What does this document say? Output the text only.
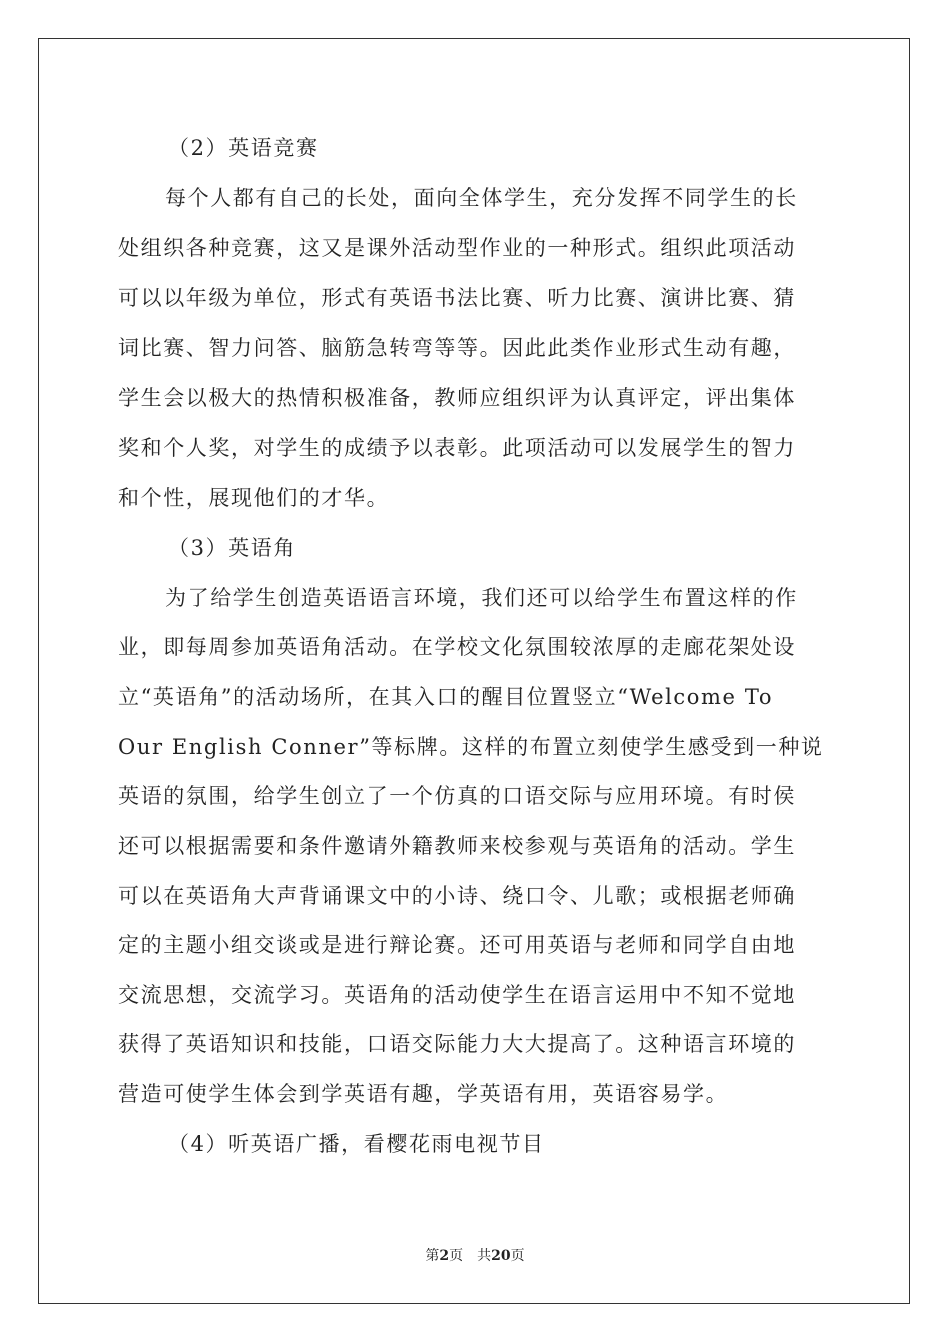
（2）英语竞赛
每个人都有自己的长处，面向全体学生，充分发挥不同学生的长
处组织各种竞赛，这又是课外活动型作业的一种形式。组织此项活动
可以以年级为单位，形式有英语书法比赛、听力比赛、演讲比赛、猜
词比赛、智力问答、脑筋急转弯等等。因此此类作业形式生动有趣，
学生会以极大的热情积极准备，教师应组织评为认真评定，评出集体
奖和个人奖，对学生的成绩予以表彰。此项活动可以发展学生的智力
和个性，展现他们的才华。
（3）英语角
为了给学生创造英语语言环境，我们还可以给学生布置这样的作
业，即每周参加英语角活动。在学校文化氛围较浓厚的走廊花架处设
立“英语角”的活动场所，在其入口的醒目位置竖立“Welcome To
Our English Conner”等标牌。这样的布置立刻使学生感受到一种说
英语的氛围，给学生创立了一个仿真的口语交际与应用环境。有时侯
还可以根据需要和条件邀请外籍教师来校参观与英语角的活动。学生
可以在英语角大声背诵课文中的小诗、绕口令、儿歌；或根据老师确
定的主题小组交谈或是进行辩论赛。还可用英语与老师和同学自由地
交流思想，交流学习。英语角的活动使学生在语言运用中不知不觉地
获得了英语知识和技能，口语交际能力大大提高了。这种语言环境的
营造可使学生体会到学英语有趣，学英语有用，英语容易学。
（4）听英语广播，看樱花雨电视节目
第2页　共20页
